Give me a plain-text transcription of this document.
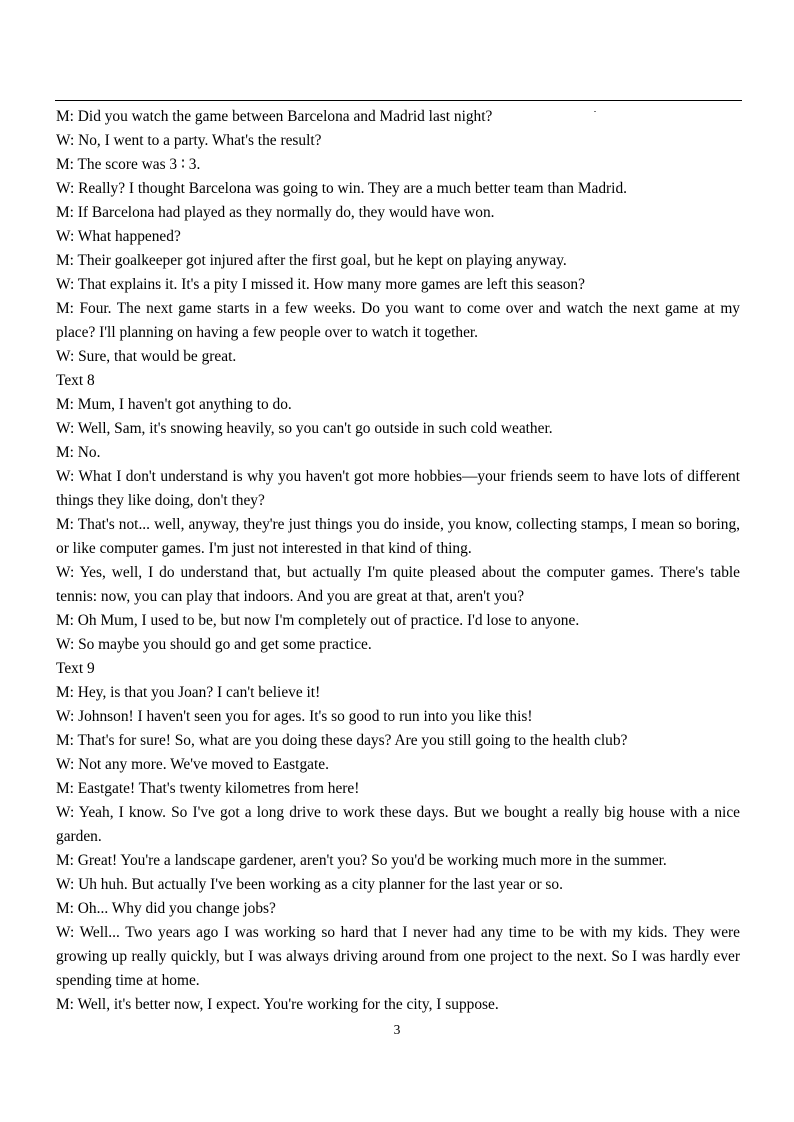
M: Did you watch the game between Barcelona and Madrid last night?

W: No, I went to a party. What's the result?

M: The score was 3 ∶ 3.

W: Really? I thought Barcelona was going to win. They are a much better team than Madrid.

M: If Barcelona had played as they normally do, they would have won.

W: What happened?

M: Their goalkeeper got injured after the first goal, but he kept on playing anyway.

W: That explains it. It's a pity I missed it. How many more games are left this season?

M: Four. The next game starts in a few weeks. Do you want to come over and watch the next game at my place? I'll planning on having a few people over to watch it together.

W: Sure, that would be great.

Text 8

M: Mum, I haven't got anything to do.

W: Well, Sam, it's snowing heavily, so you can't go outside in such cold weather.

M: No.

W: What I don't understand is why you haven't got more hobbies—your friends seem to have lots of different things they like doing, don't they?

M: That's not... well, anyway, they're just things you do inside, you know, collecting stamps, I mean so boring, or like computer games. I'm just not interested in that kind of thing.

W: Yes, well, I do understand that, but actually I'm quite pleased about the computer games. There's table tennis: now, you can play that indoors. And you are great at that, aren't you?

M: Oh Mum, I used to be, but now I'm completely out of practice. I'd lose to anyone.

W: So maybe you should go and get some practice.

Text 9

M: Hey, is that you Joan? I can't believe it!

W: Johnson! I haven't seen you for ages. It's so good to run into you like this!

M: That's for sure! So, what are you doing these days? Are you still going to the health club?

W: Not any more. We've moved to Eastgate.

M: Eastgate! That's twenty kilometres from here!

W: Yeah, I know. So I've got a long drive to work these days. But we bought a really big house with a nice garden.

M: Great! You're a landscape gardener, aren't you? So you'd be working much more in the summer.

W: Uh huh. But actually I've been working as a city planner for the last year or so.

M: Oh... Why did you change jobs?

W: Well... Two years ago I was working so hard that I never had any time to be with my kids. They were growing up really quickly, but I was always driving around from one project to the next. So I was hardly ever spending time at home.

M: Well, it's better now, I expect. You're working for the city, I suppose.

3
